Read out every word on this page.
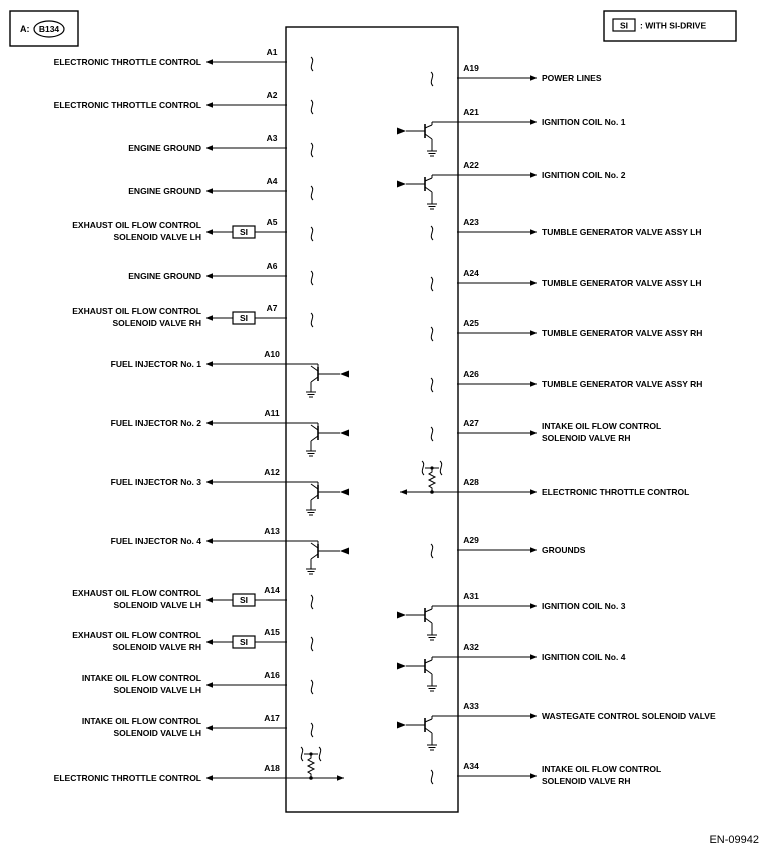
A: B134	SI : WITH SI-DRIVE
A1
ELECTRONIC THROTTLE CONTROL
A2
ELECTRONIC THROTTLE CONTROL
A3
ENGINE GROUND
A4
ENGINE GROUND
A5
EXHAUST OIL FLOW CONTROL
SOLENOID VALVE LH	SI
A6
ENGINE GROUND
A7
EXHAUST OIL FLOW CONTROL
SOLENOID VALVE RH	SI
A10
FUEL INJECTOR No. 1
A11
FUEL INJECTOR No. 2
A12
FUEL INJECTOR No. 3
A13
FUEL INJECTOR No. 4
A14
EXHAUST OIL FLOW CONTROL
SOLENOID VALVE LH	SI
A15
EXHAUST OIL FLOW CONTROL
SOLENOID VALVE RH	SI
A16
INTAKE OIL FLOW CONTROL
SOLENOID VALVE LH
A17
INTAKE OIL FLOW CONTROL
SOLENOID VALVE LH
A18
ELECTRONIC THROTTLE CONTROL
A19
POWER LINES
A21
IGNITION COIL No. 1
A22
IGNITION COIL No. 2
A23
TUMBLE GENERATOR VALVE ASSY LH
A24
TUMBLE GENERATOR VALVE ASSY LH
A25
TUMBLE GENERATOR VALVE ASSY RH
A26
TUMBLE GENERATOR VALVE ASSY RH
A27	INTAKE OIL FLOW CONTROL
SOLENOID VALVE RH
A28
ELECTRONIC THROTTLE CONTROL
A29
GROUNDS
A31
IGNITION COIL No. 3
A32
IGNITION COIL No. 4
A33
WASTEGATE CONTROL SOLENOID VALVE
A34	INTAKE OIL FLOW CONTROL
SOLENOID VALVE RH
EN-09942
